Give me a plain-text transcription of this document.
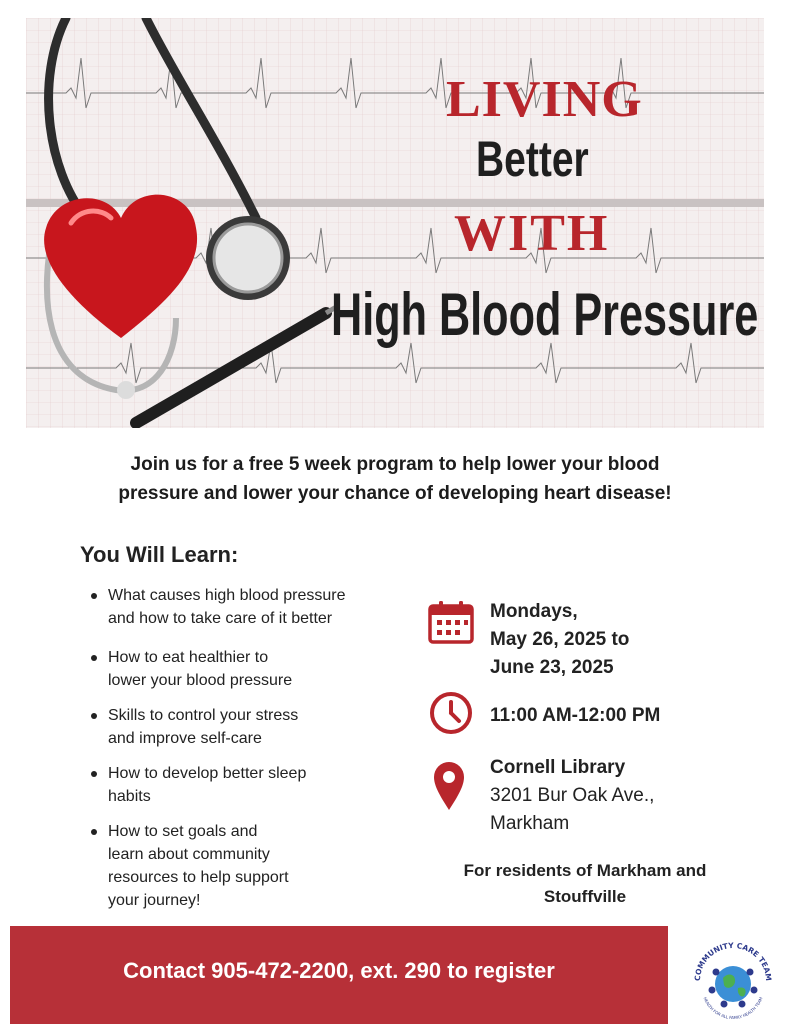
LIVING
Better
WITH
High Blood Pressure
Join us for a free 5 week program to help lower your blood
pressure and lower your chance of developing heart disease!
You Will Learn:
What causes high blood pressure
and how to take care of it better
How to eat healthier to
lower your blood pressure
Skills to control your stress
and improve self-care
How to develop better sleep
habits
How to set goals and
learn about community
resources to help support
your journey!
Mondays,
May 26, 2025 to
June 23, 2025
11:00 AM-12:00 PM
Cornell Library
3201 Bur Oak Ave.,
Markham
For residents of Markham and
Stouffville
Contact 905-472-2200, ext. 290 to register	COMMUNITY CARE TEAM
HEALTH FOR ALL FAMILY HEALTH TEAM
